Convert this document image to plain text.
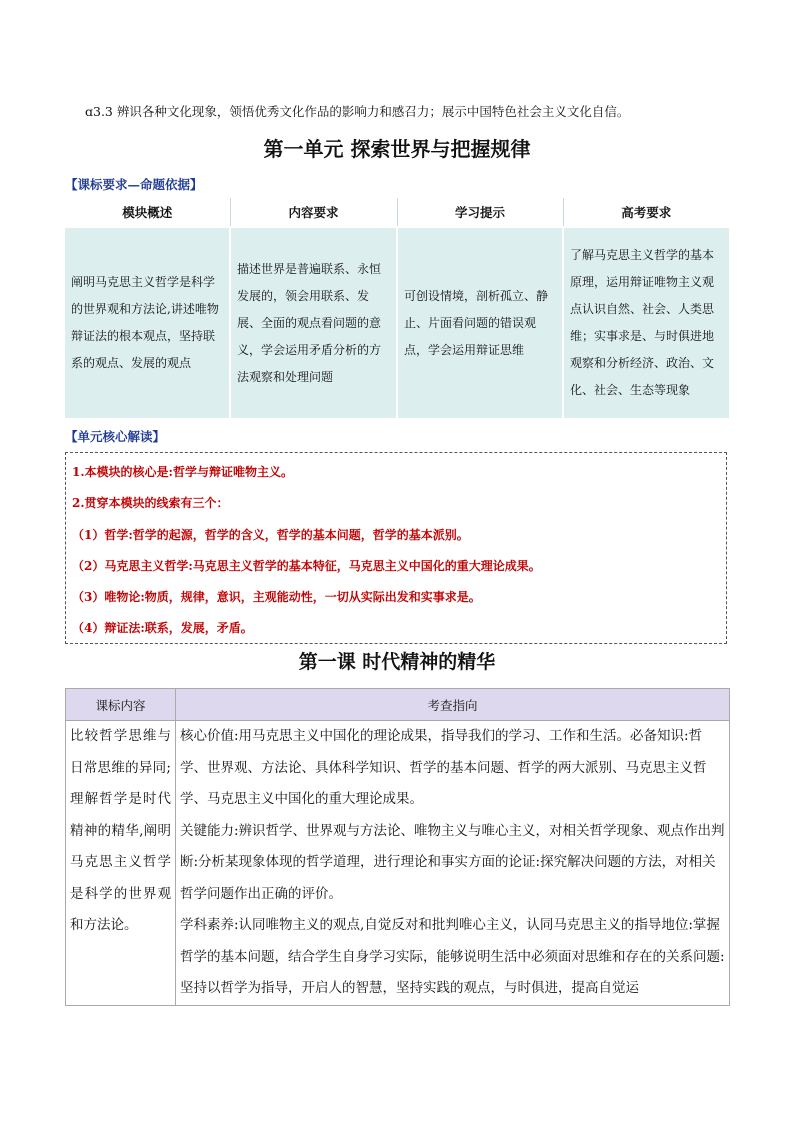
ɑ3.3 辨识各种文化现象，领悟优秀文化作品的影响力和感召力；展示中国特色社会主义文化自信。
第一单元 探索世界与把握规律
【课标要求—命题依据】
模块概述	内容要求	学习提示	高考要求
阐明马克思主义哲学是科学的世界观和方法论,讲述唯物辩证法的根本观点，坚持联系的观点、发展的观点	描述世界是普遍联系、永恒发展的，领会用联系、发展、全面的观点看问题的意义，学会运用矛盾分析的方法观察和处理问题	可创设情境，剖析孤立、静止、片面看问题的错误观点，学会运用辩证思维	了解马克思主义哲学的基本原理，运用辩证唯物主义观点认识自然、社会、人类思维；实事求是、与时俱进地观察和分析经济、政治、文化、社会、生态等现象
【单元核心解读】
1.本模块的核心是:哲学与辩证唯物主义。
2.贯穿本模块的线索有三个：
（1）哲学:哲学的起源，哲学的含义，哲学的基本问题，哲学的基本派别。
（2）马克思主义哲学:马克思主义哲学的基本特征，马克思主义中国化的重大理论成果。
（3）唯物论:物质，规律，意识，主观能动性，一切从实际出发和实事求是。
（4）辩证法:联系，发展，矛盾。
第一课 时代精神的精华
课标内容	考查指向
比较哲学思维与日常思维的异同;理解哲学是时代精神的精华,阐明马克思主义哲学是科学的世界观和方法论。	核心价值:用马克思主义中国化的理论成果，指导我们的学习、工作和生活。必备知识:哲学、世界观、方法论、具体科学知识、哲学的基本问题、哲学的两大派别、马克思主义哲学、马克思主义中国化的重大理论成果。

关键能力:辨识哲学、世界观与方法论、唯物主义与唯心主义，对相关哲学现象、观点作出判断:分析某现象体现的哲学道理，进行理论和事实方面的论证:探究解决问题的方法，对相关哲学问题作出正确的评价。

学科素养:认同唯物主义的观点,自觉反对和批判唯心主义，认同马克思主义的指导地位:掌握哲学的基本问题，结合学生自身学习实际，能够说明生活中必须面对思维和存在的关系问题:坚持以哲学为指导，开启人的智慧，坚持实践的观点，与时俱进，提高自觉运
